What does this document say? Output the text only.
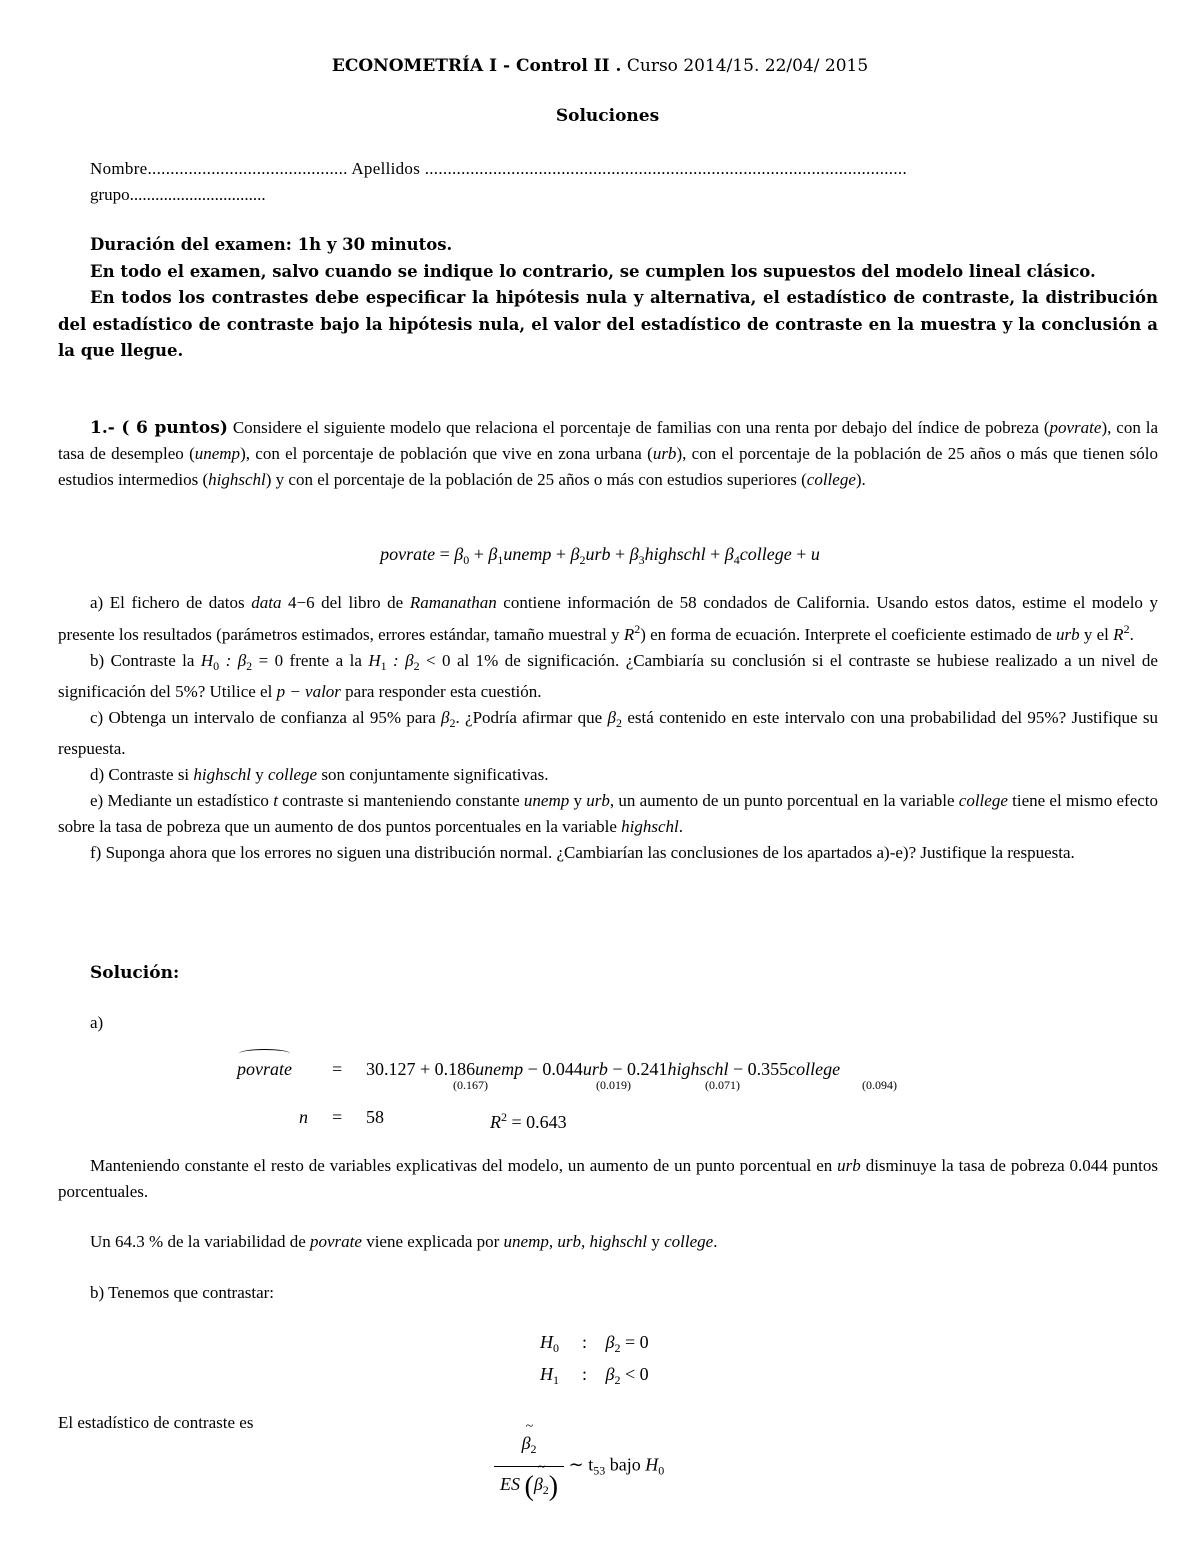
ECONOMETRÍA I - Control II . Curso 2014/15. 22/04/ 2015
Soluciones
Nombre............................................ Apellidos ..........................................................................................................
grupo................................
Duración del examen: 1h y 30 minutos.
En todo el examen, salvo cuando se indique lo contrario, se cumplen los supuestos del modelo lineal clásico.
En todos los contrastes debe especificar la hipótesis nula y alternativa, el estadístico de contraste, la distribución del estadístico de contraste bajo la hipótesis nula, el valor del estadístico de contraste en la muestra y la conclusión a la que llegue.
1.- ( 6 puntos) Considere el siguiente modelo que relaciona el porcentaje de familias con una renta por debajo del índice de pobreza (povrate), con la tasa de desempleo (unemp), con el porcentaje de población que vive en zona urbana (urb), con el porcentaje de la población de 25 años o más que tienen sólo estudios intermedios (highschl) y con el porcentaje de la población de 25 años o más con estudios superiores (college).
povrate = $\beta_0$ + $\beta_1unemp + \beta_2urb$ + $\beta_3highschl$ + $\beta_4college + u$
a) El fichero de datos data 4−6 del libro de Ramanathan contiene información de 58 condados de California. Usando estos datos, estime el modelo y presente los resultados (parámetros estimados, errores estándar, tamaño muestral y $R^2$) en forma de ecuación. Interprete el coeficiente estimado de urb y el $R^2$.
b) Contraste la $H_0$ : $\beta_2 = 0$ frente a la $H_1$ : $\beta_2 < 0$ al 1% de significación. ¿Cambiaría su conclusión si el contraste se hubiese realizado a un nivel de significación del 5%? Utilice el p − valor para responder esta cuestión.
c) Obtenga un intervalo de confianza al 95% para $\beta_2$. ¿Podría afirmar que $\beta_2$ está contenido en este intervalo con una probabilidad del 95%? Justifique su respuesta.
d) Contraste si highschl y college son conjuntamente significativas.
e) Mediante un estadístico t contraste si manteniendo constante unemp y urb, un aumento de un punto porcentual en la variable college tiene el mismo efecto sobre la tasa de pobreza que un aumento de dos puntos porcentuales en la variable highschl.
f) Suponga ahora que los errores no siguen una distribución normal. ¿Cambiarían las conclusiones de los apartados a)-e)? Justifique la respuesta.
Solución:
a)
povrate = 30.127 + 0.186unemp − 0.044urb − 0.241highschl − 0.355college
(0.167)	(0.019)	(0.071)	(0.094)
n = 58	$R^2 = 0.643$
Manteniendo constante el resto de variables explicativas del modelo, un aumento de un punto porcentual en urb disminuye la tasa de pobreza 0.044 puntos porcentuales.
Un 64.3 % de la variabilidad de povrate viene explicada por unemp, urb, highschl y college.
b) Tenemos que contrastar:
$H_0$ : $\beta_2 = 0$
$H_1$ : $\beta_2 < 0$
El estadístico de contraste es
~ $\frac{\beta_2}{ES (\sim \beta_2)}$ ∼ $t_{53}$ bajo $H_0$
